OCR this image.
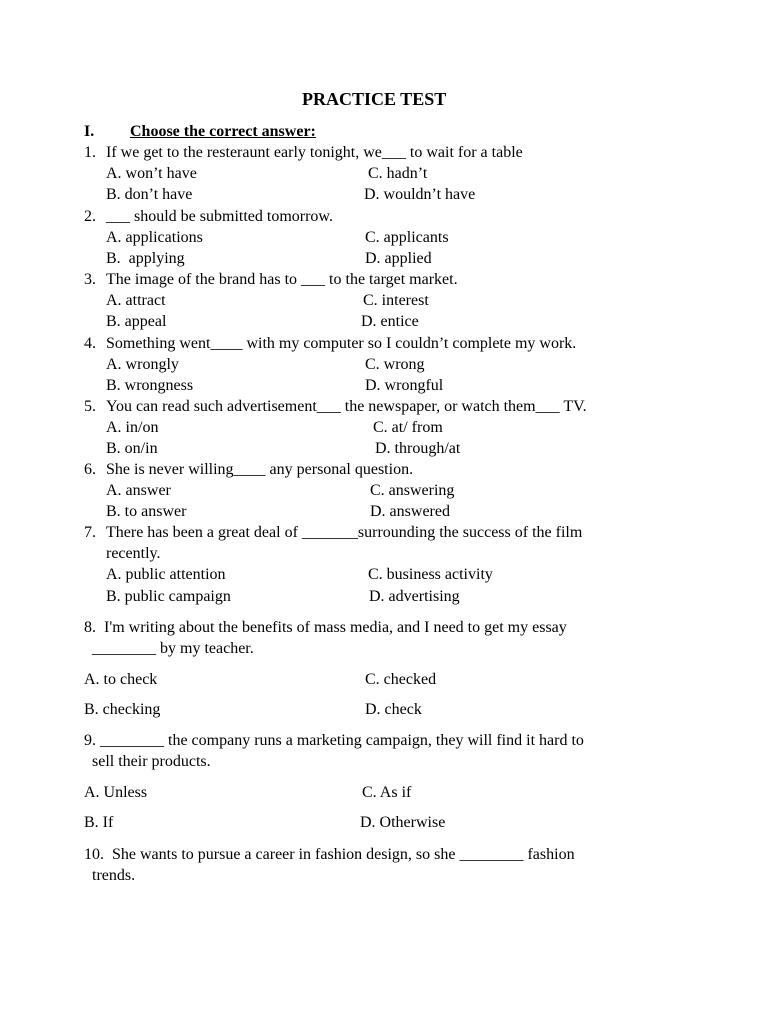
PRACTICE TEST
I. Choose the correct answer:
1. If we get to the resteraunt early tonight, we___ to wait for a table
A. won’t have	C. hadn’t
B. don’t have	D. wouldn’t have
2. ___ should be submitted tomorrow.
A. applications	C. applicants
B.  applying	D. applied
3. The image of the brand has to ___ to the target market.
A. attract	C. interest
B. appeal	D. entice
4. Something went____ with my computer so I couldn’t complete my work.
A. wrongly	C. wrong
B. wrongness	D. wrongful
5. You can read such advertisement___ the newspaper, or watch them___ TV.
A. in/on	C. at/ from
B. on/in	D. through/at
6. She is never willing____ any personal question.
A. answer	C. answering
B. to answer	D. answered
7. There has been a great deal of _______surrounding the success of the film
recently.
A. public attention	C. business activity
B. public campaign	D. advertising
8.  I'm writing about the benefits of mass media, and I need to get my essay
________ by my teacher.
A. to check	C. checked
B. checking	D. check
9. ________ the company runs a marketing campaign, they will find it hard to
sell their products.
A. Unless	C. As if
B. If	D. Otherwise
10.  She wants to pursue a career in fashion design, so she ________ fashion
trends.
